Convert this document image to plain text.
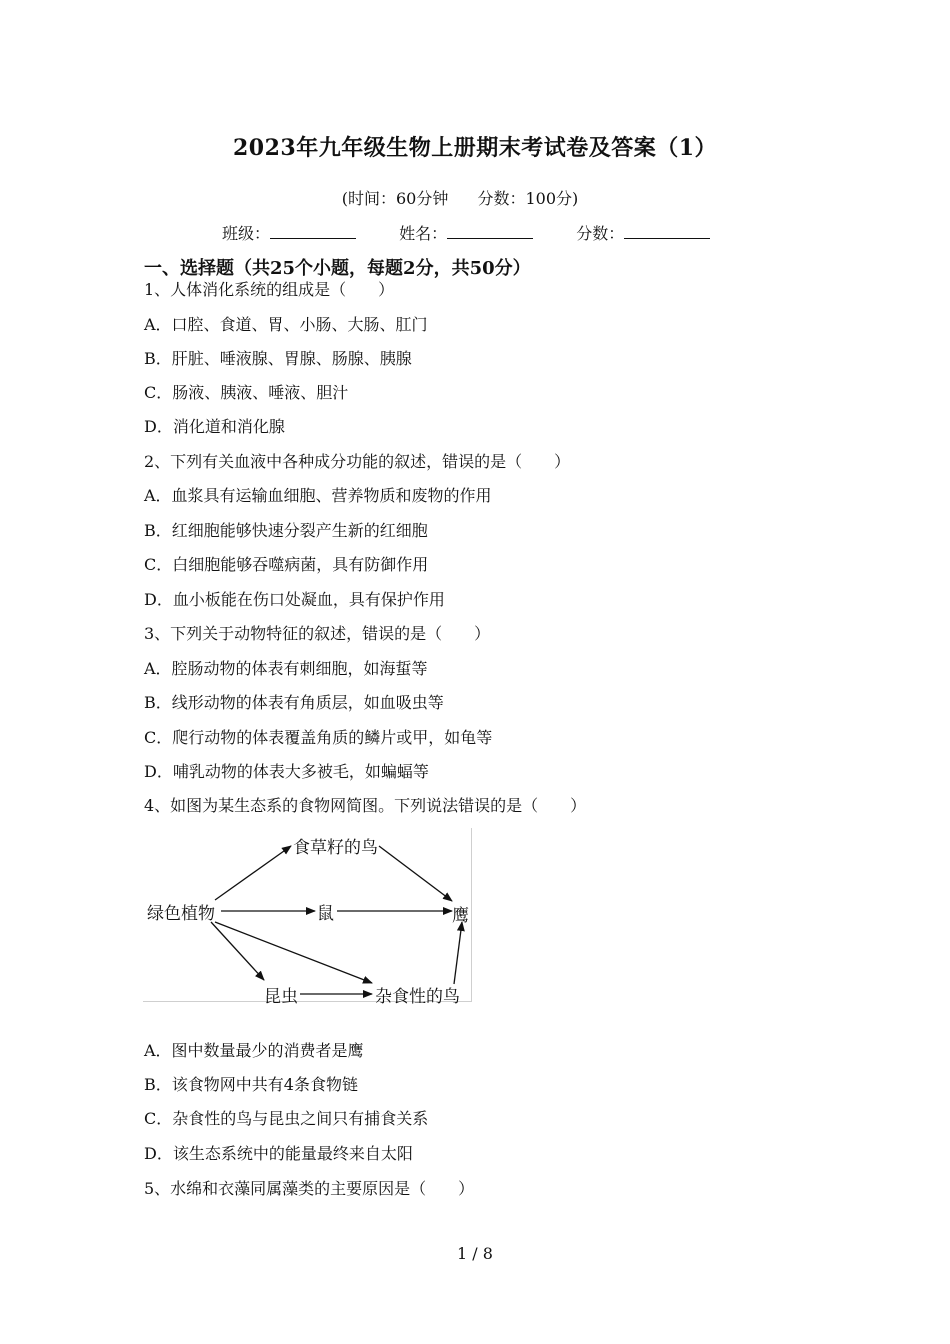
2023年九年级生物上册期末考试卷及答案（1）
(时间：60分钟 分数：100分)
班级：	姓名：	分数：
一、选择题（共25个小题，每题2分，共50分）
1、人体消化系统的组成是（　　）
A．口腔、食道、胃、小肠、大肠、肛门
B．肝脏、唾液腺、胃腺、肠腺、胰腺
C．肠液、胰液、唾液、胆汁
D．消化道和消化腺
2、下列有关血液中各种成分功能的叙述，错误的是（　　）
A．血浆具有运输血细胞、营养物质和废物的作用
B．红细胞能够快速分裂产生新的红细胞
C．白细胞能够吞噬病菌，具有防御作用
D．血小板能在伤口处凝血，具有保护作用
3、下列关于动物特征的叙述，错误的是（　　）
A．腔肠动物的体表有刺细胞，如海蜇等
B．线形动物的体表有角质层，如血吸虫等
C．爬行动物的体表覆盖角质的鳞片或甲，如龟等
D．哺乳动物的体表大多被毛，如蝙蝠等
4、如图为某生态系的食物网简图。下列说法错误的是（　　）
绿色植物
食草籽的鸟
鼠	鹰
昆虫	杂食性的鸟
A．图中数量最少的消费者是鹰
B．该食物网中共有4条食物链
C．杂食性的鸟与昆虫之间只有捕食关系
D．该生态系统中的能量最终来自太阳
5、水绵和衣藻同属藻类的主要原因是（　　）
1 / 8
